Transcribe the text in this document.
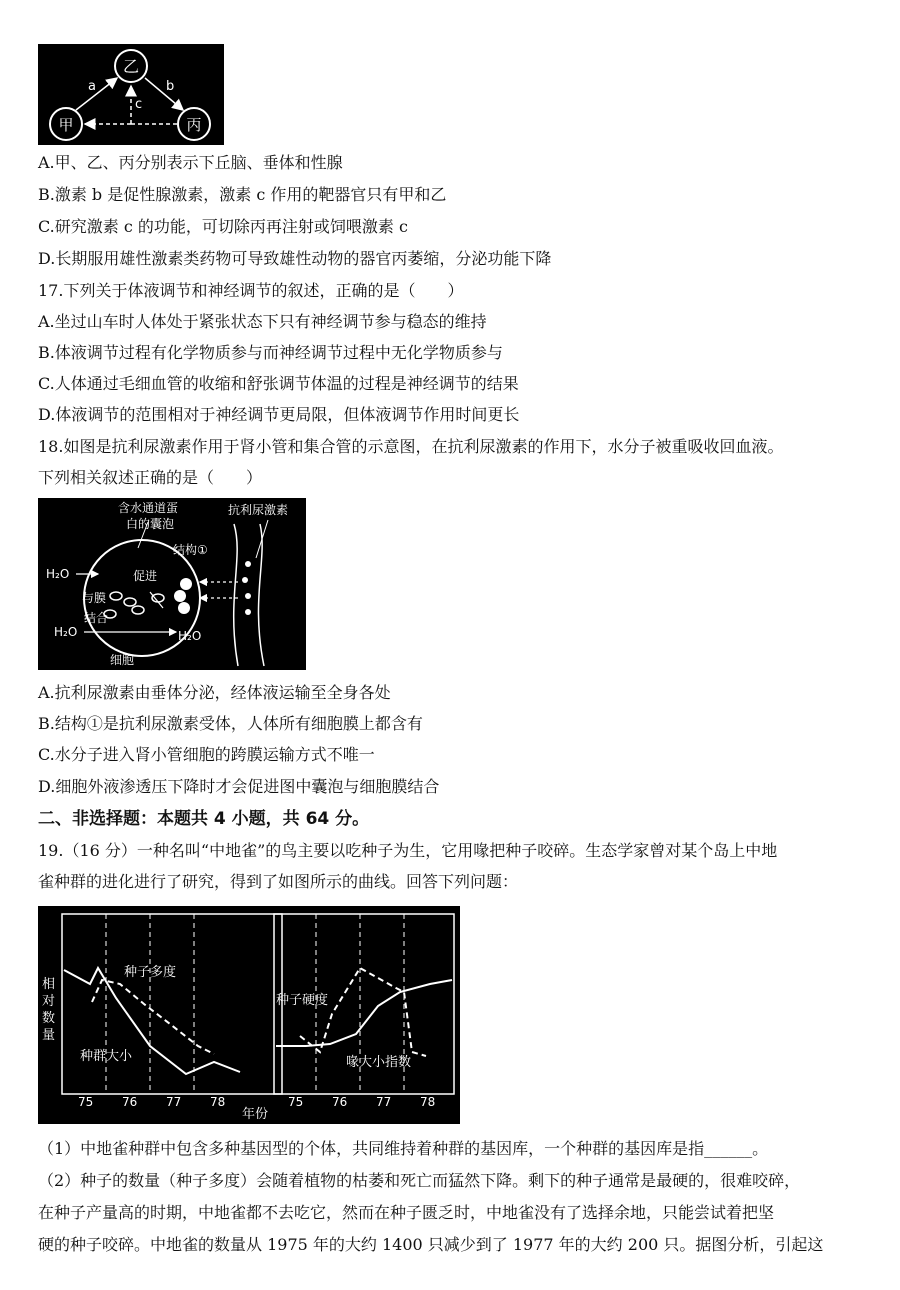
乙
甲	丙
a	b
c
A.甲、乙、丙分别表示下丘脑、垂体和性腺
B.激素 b 是促性腺激素，激素 c 作用的靶器官只有甲和乙
C.研究激素 c 的功能，可切除丙再注射或饲喂激素 c
D.长期服用雄性激素类药物可导致雄性动物的器官丙萎缩，分泌功能下降
17.下列关于体液调节和神经调节的叙述，正确的是（　　）
A.坐过山车时人体处于紧张状态下只有神经调节参与稳态的维持
B.体液调节过程有化学物质参与而神经调节过程中无化学物质参与
C.人体通过毛细血管的收缩和舒张调节体温的过程是神经调节的结果
D.体液调节的范围相对于神经调节更局限，但体液调节作用时间更长
18.如图是抗利尿激素作用于肾小管和集合管的示意图，在抗利尿激素的作用下，水分子被重吸收回血液。
下列相关叙述正确的是（　　）
含水通道蛋
白的囊泡
抗利尿激素
结构①
促进
与膜
结合
细胞
H₂O
H₂O	H₂O
A.抗利尿激素由垂体分泌，经体液运输至全身各处
B.结构①是抗利尿激素受体，人体所有细胞膜上都含有
C.水分子进入肾小管细胞的跨膜运输方式不唯一
D.细胞外液渗透压下降时才会促进图中囊泡与细胞膜结合
二、非选择题：本题共 4 小题，共 64 分。
19.（16 分）一种名叫“中地雀”的鸟主要以吃种子为生，它用喙把种子咬碎。生态学家曾对某个岛上中地
雀种群的进化进行了研究，得到了如图所示的曲线。回答下列问题：
相
对
数
量
种子多度
种群大小
种子硬度
喙大小指数
75 76 77 78	75 76 77 78
年份
（1）中地雀种群中包含多种基因型的个体，共同维持着种群的基因库，一个种群的基因库是指______。
（2）种子的数量（种子多度）会随着植物的枯萎和死亡而猛然下降。剩下的种子通常是最硬的，很难咬碎，
在种子产量高的时期，中地雀都不去吃它，然而在种子匮乏时，中地雀没有了选择余地，只能尝试着把坚
硬的种子咬碎。中地雀的数量从 1975 年的大约 1400 只减少到了 1977 年的大约 200 只。据图分析，引起这
